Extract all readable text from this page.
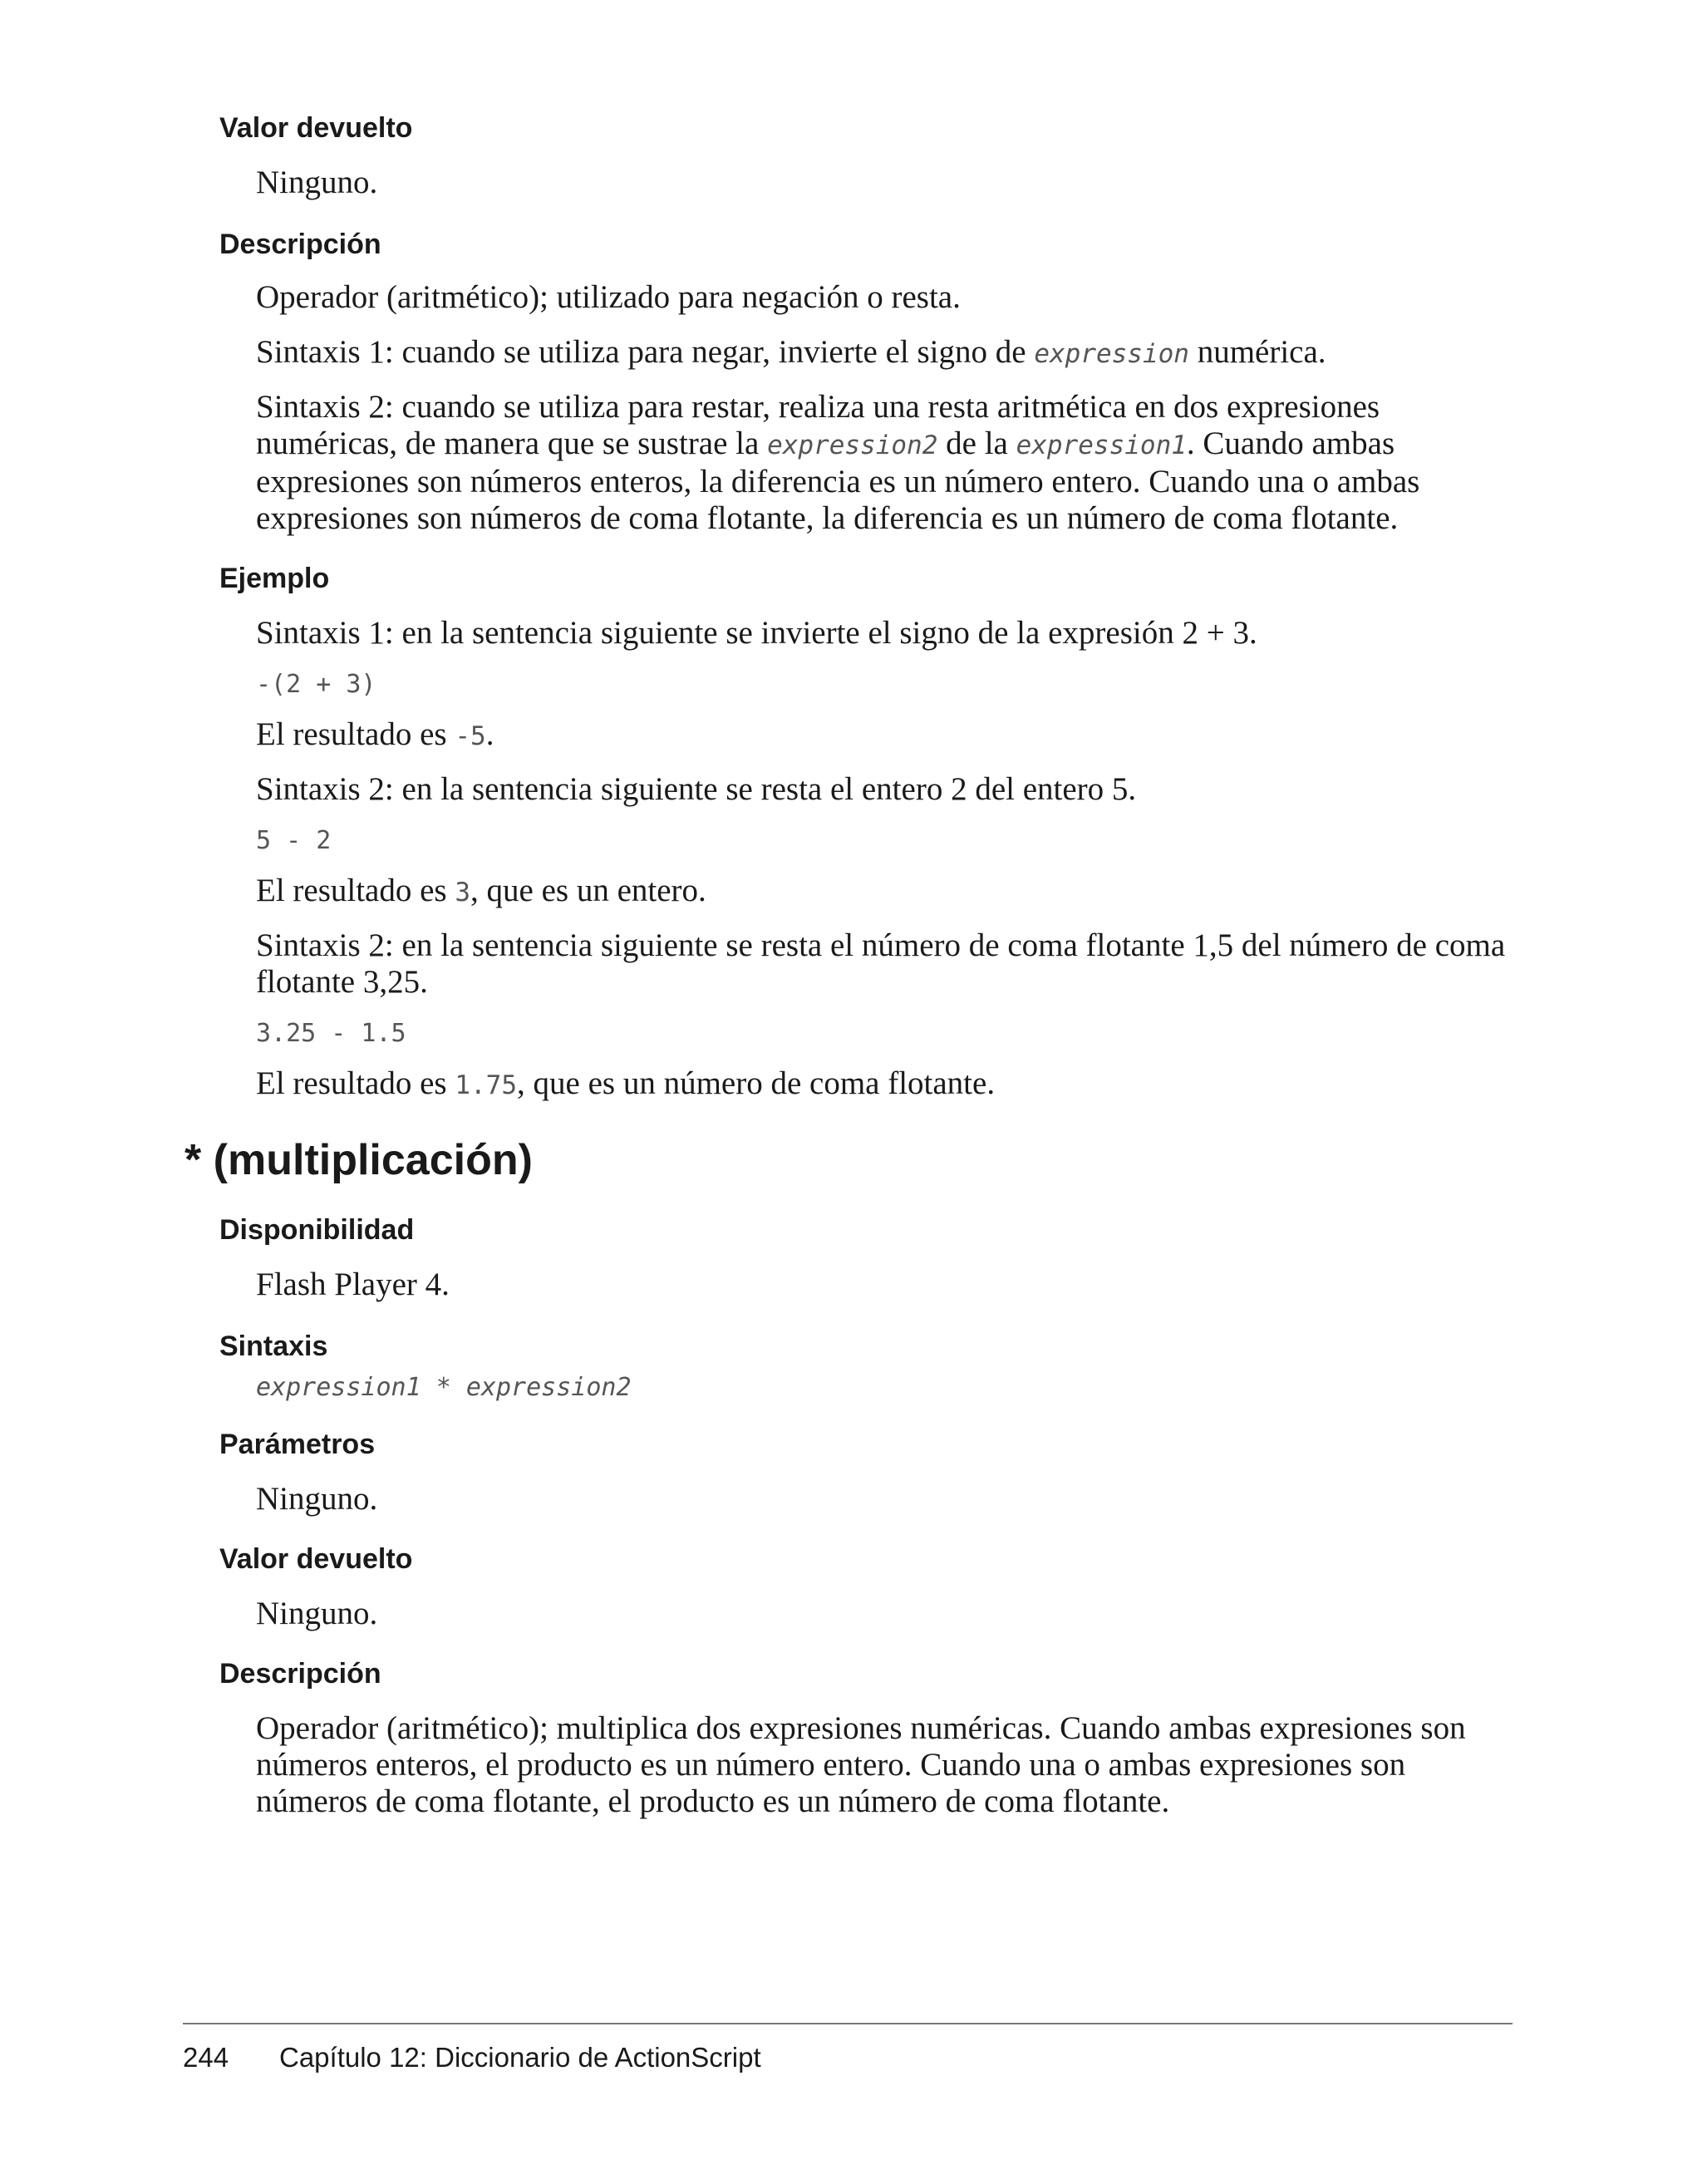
Valor devuelto

Ninguno.

Descripción

Operador (aritmético); utilizado para negación o resta.

Sintaxis 1: cuando se utiliza para negar, invierte el signo de expression numérica.

Sintaxis 2: cuando se utiliza para restar, realiza una resta aritmética en dos expresiones numéricas, de manera que se sustrae la expression2 de la expression1. Cuando ambas expresiones son números enteros, la diferencia es un número entero. Cuando una o ambas expresiones son números de coma flotante, la diferencia es un número de coma flotante.

Ejemplo

Sintaxis 1: en la sentencia siguiente se invierte el signo de la expresión 2 + 3.

-(2 + 3)

El resultado es -5.

Sintaxis 2: en la sentencia siguiente se resta el entero 2 del entero 5.

5 - 2

El resultado es 3, que es un entero.

Sintaxis 2: en la sentencia siguiente se resta el número de coma flotante 1,5 del número de coma flotante 3,25.

3.25 - 1.5

El resultado es 1.75, que es un número de coma flotante.

* (multiplicación)
Disponibilidad

Flash Player 4.

Sintaxis
expression1 * expression2
Parámetros

Ninguno.

Valor devuelto

Ninguno.

Descripción

Operador (aritmético); multiplica dos expresiones numéricas. Cuando ambas expresiones son números enteros, el producto es un número entero. Cuando una o ambas expresiones son números de coma flotante, el producto es un número de coma flotante.

244 Capítulo 12: Diccionario de ActionScript
